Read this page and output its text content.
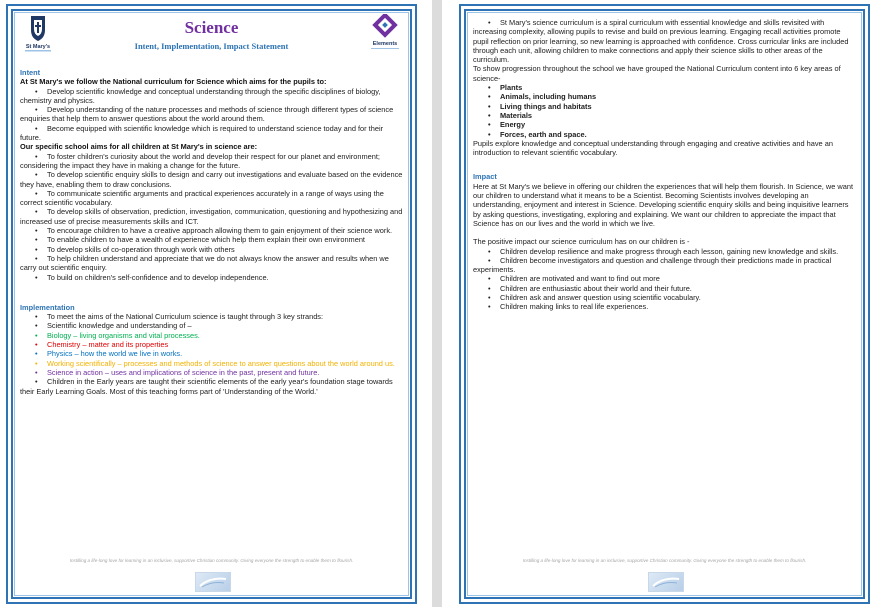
St Mary's	Elements
Science
Intent, Implementation, Impact Statement
Intent
At St Mary's we follow the National curriculum for Science which aims for the pupils to:
• Develop scientific knowledge and conceptual understanding through the specific disciplines of biology, chemistry and physics.
• Develop understanding of the nature processes and methods of science through different types of science enquiries that help them to answer questions about the world around them.
• Become equipped with scientific knowledge which is required to understand science today and for their future.
Our specific school aims for all children at St Mary's in science are:
• To foster children's curiosity about the world and develop their respect for our planet and environment; considering the impact they have in making a change for the future.
• To develop scientific enquiry skills to design and carry out investigations and evaluate based on the evidence they have, enabling them to draw conclusions.
• To communicate scientific arguments and practical experiences accurately in a range of ways using the correct scientific vocabulary.
• To develop skills of observation, prediction, investigation, communication, questioning and hypothesizing and increased use of precise measurements skills and ICT.
• To encourage children to have a creative approach allowing them to gain enjoyment of their science work.
• To enable children to have a wealth of experience which help them explain their own environment
• To develop skills of co-operation through work with others
• To help children understand and appreciate that we do not always know the answer and results when we carry out scientific enquiry.
• To build on children's self-confidence and to develop independence.
Implementation
• To meet the aims of the National Curriculum science is taught through 3 key strands:
• Scientific knowledge and understanding of –
• Biology – living organisms and vital processes.
• Chemistry – matter and its properties
• Physics – how the world we live in works.
• Working scientifically – processes and methods of science to answer questions about the world around us.
• Science in action – uses and implications of science in the past, present and future.
• Children in the Early years are taught their scientific elements of the early year's foundation stage towards their Early Learning Goals. Most of this teaching forms part of 'Understanding of the World.'
Instilling a life-long love for learning in an inclusive, supportive Christian community. Giving everyone the strength to enable them to flourish.
• St Mary's science curriculum is a spiral curriculum with essential knowledge and skills revisited with increasing complexity, allowing pupils to revise and build on previous learning. Engaging recall activities promote pupil reflection on prior learning, so new learning is approached with confidence. Cross curricular links are included through each unit, allowing children to make connections and apply their science skills to other areas of the curriculum.
To show progression throughout the school we have grouped the National Curriculum content into 6 key areas of science-
• Plants
• Animals, including humans
• Living things and habitats
• Materials
• Energy
• Forces, earth and space.
Pupils explore knowledge and conceptual understanding through engaging and creative activities and have an introduction to relevant scientific vocabulary.
Impact
Here at St Mary's we believe in offering our children the experiences that will help them flourish. In Science, we want our children to understand what it means to be a Scientist. Becoming Scientists involves developing an understanding, enjoyment and interest in Science. Developing scientific enquiry skills and being inquisitive learners by asking questions, investigating, exploring and explaining. We want our children to appreciate the impact that Science has on our lives and the world in which we live.
The positive impact our science curriculum has on our children is -
• Children develop resilience and make progress through each lesson, gaining new knowledge and skills.
• Children become investigators and question and challenge through their predictions made in practical experiments.
• Children are motivated and want to find out more
• Children are enthusiastic about their world and their future.
• Children ask and answer question using scientific vocabulary.
• Children making links to real life experiences.
Instilling a life-long love for learning in an inclusive, supportive Christian community. Giving everyone the strength to enable them to flourish.
